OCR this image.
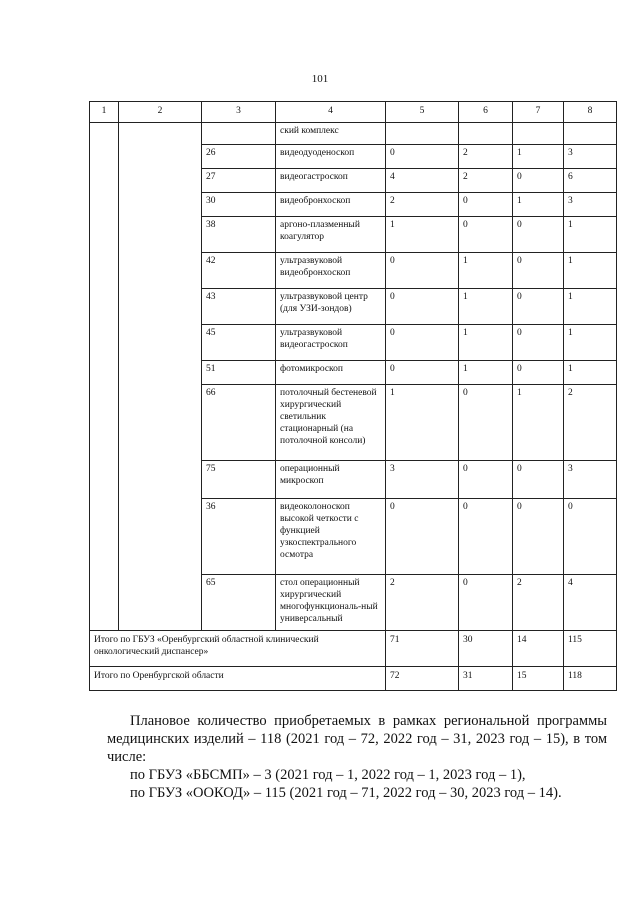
101
1	2	3	4	5	6	7	8
			ский комплекс				
		26	видеодуоденоскоп	0	2	1	3
		27	видеогастроскоп	4	2	0	6
		30	видеобронхоскоп	2	0	1	3
		38	аргоно-плазменный коагулятор	1	0	0	1
		42	ультразвуковой видеобронхоскоп	0	1	0	1
		43	ультразвуковой центр (для УЗИ-зондов)	0	1	0	1
		45	ультразвуковой видеогастроскоп	0	1	0	1
		51	фотомикроскоп	0	1	0	1
		66	потолочный бестеневой хирургический светильник стационарный (на потолочной консоли)	1	0	1	2
		75	операционный микроскоп	3	0	0	3
		36	видеоколоноскоп высокой четкости с функцией узкоспектрального осмотра	0	0	0	0
		65	стол операционный хирургический многофункциональ-ный универсальный	2	0	2	4
Итого по ГБУЗ «Оренбургский областной клинический онкологический диспансер»				71	30	14	115
Итого по Оренбургской области				72	31	15	118
Плановое количество приобретаемых в рамках региональной программы медицинских изделий – 118 (2021 год – 72, 2022 год – 31, 2023 год – 15), в том числе:
по ГБУЗ «ББСМП» – 3 (2021 год – 1, 2022 год – 1, 2023 год – 1),
по ГБУЗ «ООКОД» – 115 (2021 год – 71, 2022 год – 30, 2023 год – 14).
